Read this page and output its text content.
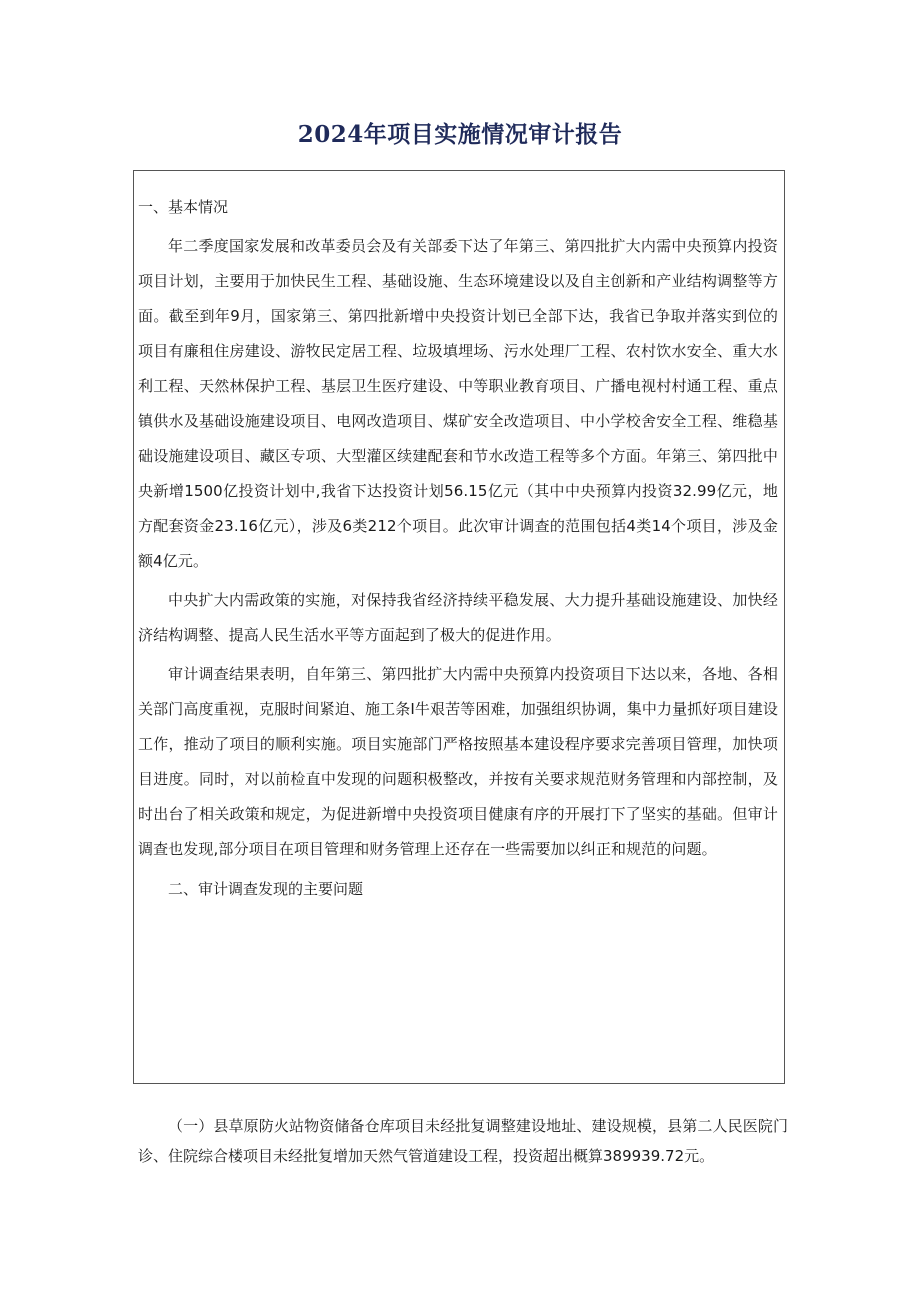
2024年项目实施情况审计报告

一、基本情况

年二季度国家发展和改革委员会及有关部委下达了年第三、第四批扩大内需中央预算内投资项目计划，主要用于加快民生工程、基础设施、生态环境建设以及自主创新和产业结构调整等方面。截至到年9月，国家第三、第四批新增中央投资计划已全部下达，我省已争取并落实到位的项目有廉租住房建设、游牧民定居工程、垃圾填埋场、污水处理厂工程、农村饮水安全、重大水利工程、天然林保护工程、基层卫生医疗建设、中等职业教育项目、广播电视村村通工程、重点镇供水及基础设施建设项目、电网改造项目、煤矿安全改造项目、中小学校舍安全工程、维稳基础设施建设项目、藏区专项、大型灌区续建配套和节水改造工程等多个方面。年第三、第四批中央新增1500亿投资计划中,我省下达投资计划56.15亿元（其中中央预算内投资32.99亿元，地方配套资金23.16亿元），涉及6类212个项目。此次审计调查的范围包括4类14个项目，涉及金额4亿元。

中央扩大内需政策的实施，对保持我省经济持续平稳发展、大力提升基础设施建设、加快经济结构调整、提高人民生活水平等方面起到了极大的促进作用。

审计调查结果表明，自年第三、第四批扩大内需中央预算内投资项目下达以来，各地、各相关部门高度重视，克服时间紧迫、施工条I牛艰苦等困难，加强组织协调，集中力量抓好项目建设工作，推动了项目的顺利实施。项目实施部门严格按照基本建设程序要求完善项目管理，加快项目进度。同时，对以前检直中发现的问题积极整改，并按有关要求规范财务管理和内部控制，及时出台了相关政策和规定，为促进新增中央投资项目健康有序的开展打下了坚实的基础。但审计调查也发现,部分项目在项目管理和财务管理上还存在一些需要加以纠正和规范的问题。

二、审计调查发现的主要问题

（一）县草原防火站物资储备仓库项目未经批复调整建设地址、建设规模，县第二人民医院门诊、住院综合楼项目未经批复增加天然气管道建设工程，投资超出概算389939.72元。
